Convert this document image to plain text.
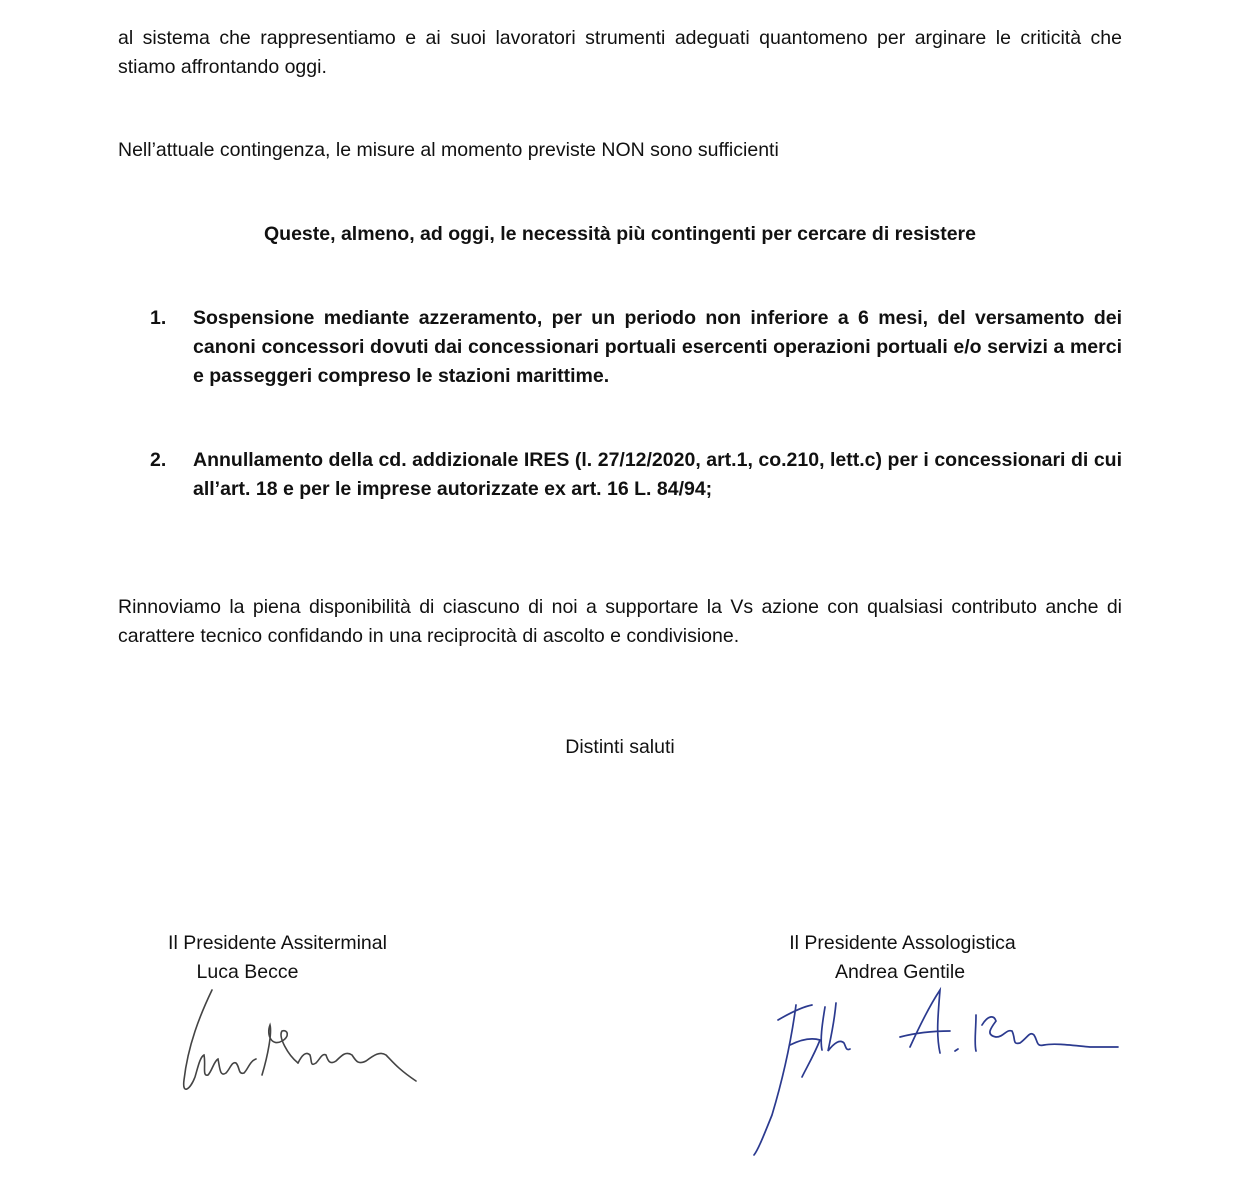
al sistema che rappresentiamo e ai suoi lavoratori strumenti adeguati quantomeno per arginare le criticità che stiamo affrontando oggi.
Nell’attuale contingenza, le misure al momento previste NON sono sufficienti
Queste, almeno, ad oggi, le necessità più contingenti per cercare di resistere
1.	Sospensione mediante azzeramento, per un periodo non inferiore a 6 mesi, del versamento dei canoni concessori dovuti dai concessionari portuali esercenti operazioni portuali e/o servizi a merci e passeggeri compreso le stazioni marittime.
2.	Annullamento della cd. addizionale IRES (l. 27/12/2020, art.1, co.210, lett.c) per i concessionari di cui all’art. 18 e per le imprese autorizzate ex art. 16 L. 84/94;
Rinnoviamo la piena disponibilità di ciascuno di noi a supportare la Vs azione con qualsiasi contributo anche di carattere tecnico confidando in una reciprocità di ascolto e condivisione.
Distinti saluti
Il Presidente Assiterminal
Luca Becce
Il Presidente Assologistica
Andrea Gentile
